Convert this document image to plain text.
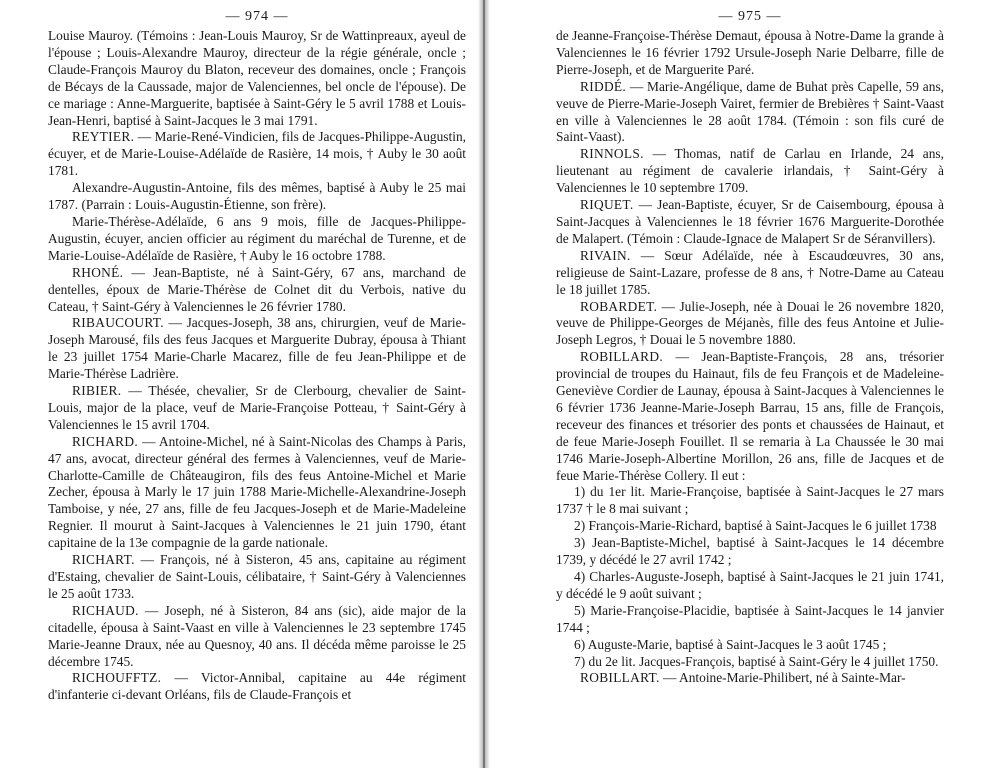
— 974 —

Louise Mauroy. (Témoins : Jean-Louis Mauroy, Sr de Wattinpreaux, ayeul de l'épouse ; Louis-Alexandre Mauroy, directeur de la régie générale, oncle ; Claude-François Mauroy du Blaton, receveur des domaines, oncle ; François de Bécays de la Caussade, major de Valenciennes, bel oncle de l'épouse). De ce mariage : Anne-Marguerite, baptisée à Saint-Géry le 5 avril 1788 et Louis-Jean-Henri, baptisé à Saint-Jacques le 3 mai 1791.

REYTIER. — Marie-René-Vindicien, fils de Jacques-Philippe-Augustin, écuyer, et de Marie-Louise-Adélaïde de Rasière, 14 mois, † Auby le 30 août 1781.

Alexandre-Augustin-Antoine, fils des mêmes, baptisé à Auby le 25 mai 1787. (Parrain : Louis-Augustin-Étienne, son frère).

Marie-Thérèse-Adélaïde, 6 ans 9 mois, fille de Jacques-Philippe-Augustin, écuyer, ancien officier au régiment du maréchal de Turenne, et de Marie-Louise-Adélaïde de Rasière, † Auby le 16 octobre 1788.

RHONÉ. — Jean-Baptiste, né à Saint-Géry, 67 ans, marchand de dentelles, époux de Marie-Thérèse de Colnet dit du Verbois, native du Cateau, † Saint-Géry à Valenciennes le 26 février 1780.

RIBAUCOURT. — Jacques-Joseph, 38 ans, chirurgien, veuf de Marie-Joseph Marousé, fils des feus Jacques et Marguerite Dubray, épousa à Thiant le 23 juillet 1754 Marie-Charle Macarez, fille de feu Jean-Philippe et de Marie-Thérèse Ladrière.

RIBIER. — Thésée, chevalier, Sr de Clerbourg, chevalier de Saint-Louis, major de la place, veuf de Marie-Françoise Potteau, † Saint-Géry à Valenciennes le 15 avril 1704.

RICHARD. — Antoine-Michel, né à Saint-Nicolas des Champs à Paris, 47 ans, avocat, directeur général des fermes à Valenciennes, veuf de Marie-Charlotte-Camille de Châteaugiron, fils des feus Antoine-Michel et Marie Zecher, épousa à Marly le 17 juin 1788 Marie-Michelle-Alexandrine-Joseph Tamboise, y née, 27 ans, fille de feu Jacques-Joseph et de Marie-Madeleine Regnier. Il mourut à Saint-Jacques à Valenciennes le 21 juin 1790, étant capitaine de la 13e compagnie de la garde nationale.

RICHART. — François, né à Sisteron, 45 ans, capitaine au régiment d'Estaing, chevalier de Saint-Louis, célibataire, † Saint-Géry à Valenciennes le 25 août 1733.

RICHAUD. — Joseph, né à Sisteron, 84 ans (sic), aide major de la citadelle, épousa à Saint-Vaast en ville à Valenciennes le 23 septembre 1745 Marie-Jeanne Draux, née au Quesnoy, 40 ans. Il décéda même paroisse le 25 décembre 1745.

RICHOUFFTZ. — Victor-Annibal, capitaine au 44e régiment d'infanterie ci-devant Orléans, fils de Claude-François et

— 975 —

de Jeanne-Françoise-Thérèse Demaut, épousa à Notre-Dame la grande à Valenciennes le 16 février 1792 Ursule-Joseph Narie Delbarre, fille de Pierre-Joseph, et de Marguerite Paré.

RIDDÉ. — Marie-Angélique, dame de Buhat près Capelle, 59 ans, veuve de Pierre-Marie-Joseph Vairet, fermier de Brebières † Saint-Vaast en ville à Valenciennes le 28 août 1784. (Témoin : son fils curé de Saint-Vaast).

RINNOLS. — Thomas, natif de Carlau en Irlande, 24 ans, lieutenant au régiment de cavalerie irlandais, † Saint-Géry à Valenciennes le 10 septembre 1709.

RIQUET. — Jean-Baptiste, écuyer, Sr de Caisembourg, épousa à Saint-Jacques à Valenciennes le 18 février 1676 Marguerite-Dorothée de Malapert. (Témoin : Claude-Ignace de Malapert Sr de Séranvillers).

RIVAIN. — Sœur Adélaïde, née à Escaudœuvres, 30 ans, religieuse de Saint-Lazare, professe de 8 ans, † Notre-Dame au Cateau le 18 juillet 1785.

ROBARDET. — Julie-Joseph, née à Douai le 26 novembre 1820, veuve de Philippe-Georges de Méjanès, fille des feus Antoine et Julie-Joseph Legros, † Douai le 5 novembre 1880.

ROBILLARD. — Jean-Baptiste-François, 28 ans, trésorier provincial de troupes du Hainaut, fils de feu François et de Madeleine-Geneviève Cordier de Launay, épousa à Saint-Jacques à Valenciennes le 6 février 1736 Jeanne-Marie-Joseph Barrau, 15 ans, fille de François, receveur des finances et trésorier des ponts et chaussées de Hainaut, et de feue Marie-Joseph Fouillet. Il se remaria à La Chaussée le 30 mai 1746 Marie-Joseph-Albertine Morillon, 26 ans, fille de Jacques et de feue Marie-Thérèse Collery. Il eut :

1) du 1er lit. Marie-Françoise, baptisée à Saint-Jacques le 27 mars 1737 † le 8 mai suivant ;

2) François-Marie-Richard, baptisé à Saint-Jacques le 6 juillet 1738

3) Jean-Baptiste-Michel, baptisé à Saint-Jacques le 14 décembre 1739, y décédé le 27 avril 1742 ;

4) Charles-Auguste-Joseph, baptisé à Saint-Jacques le 21 juin 1741, y décédé le 9 août suivant ;

5) Marie-Françoise-Placidie, baptisée à Saint-Jacques le 14 janvier 1744 ;

6) Auguste-Marie, baptisé à Saint-Jacques le 3 août 1745 ;

7) du 2e lit. Jacques-François, baptisé à Saint-Géry le 4 juillet 1750.

ROBILLART. — Antoine-Marie-Philibert, né à Sainte-Mar-
